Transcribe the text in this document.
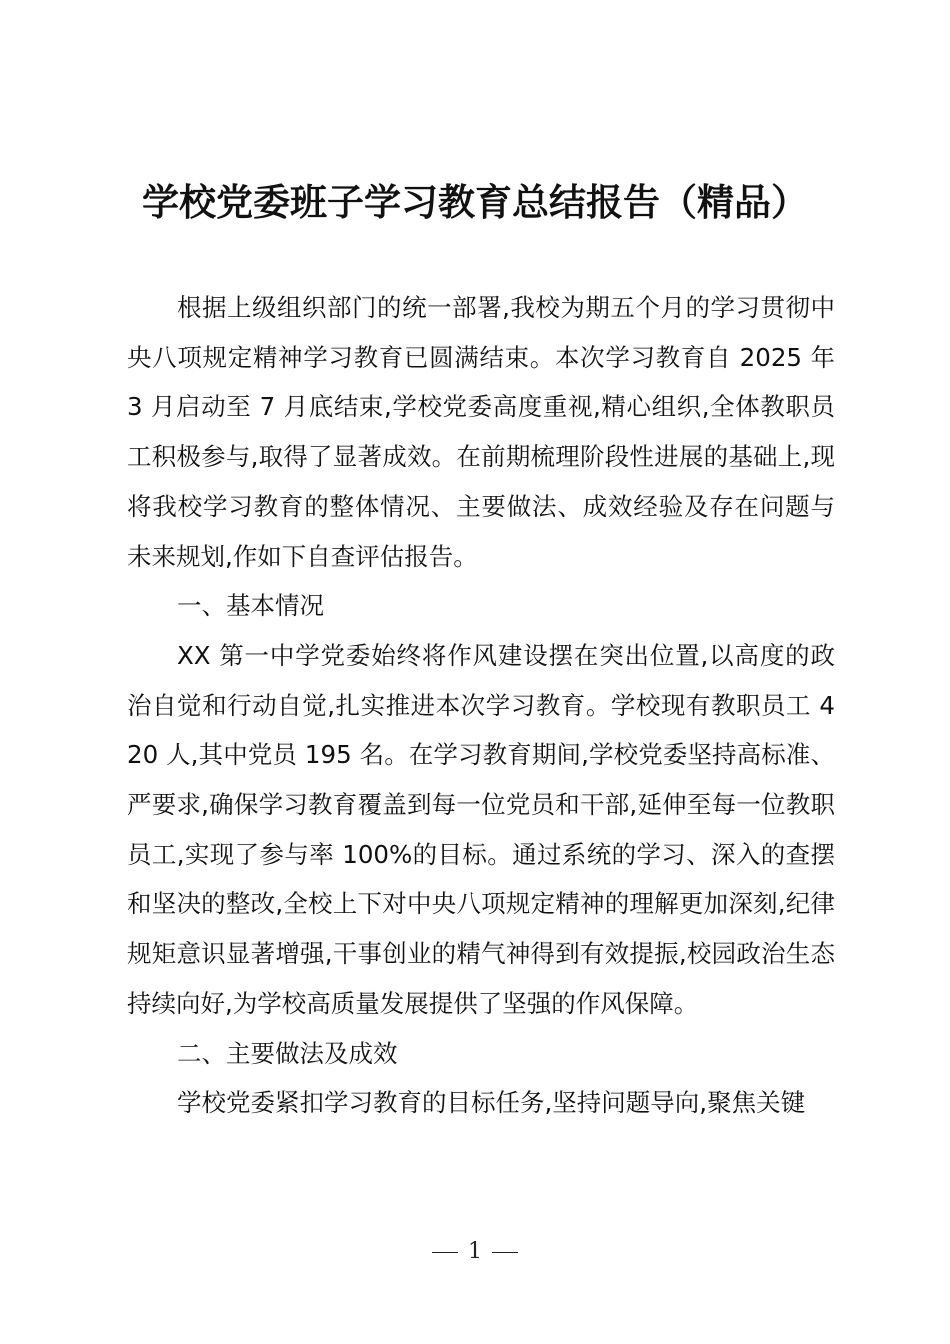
学校党委班子学习教育总结报告（精品）

根据上级组织部门的统一部署,我校为期五个月的学习贯彻中央八项规定精神学习教育已圆满结束。本次学习教育自 2025 年 3 月启动至 7 月底结束,学校党委高度重视,精心组织,全体教职员工积极参与,取得了显著成效。在前期梳理阶段性进展的基础上,现将我校学习教育的整体情况、主要做法、成效经验及存在问题与未来规划,作如下自查评估报告。

一、基本情况

XX 第一中学党委始终将作风建设摆在突出位置,以高度的政治自觉和行动自觉,扎实推进本次学习教育。学校现有教职员工 420 人,其中党员 195 名。在学习教育期间,学校党委坚持高标准、严要求,确保学习教育覆盖到每一位党员和干部,延伸至每一位教职员工,实现了参与率 100%的目标。通过系统的学习、深入的查摆和坚决的整改,全校上下对中央八项规定精神的理解更加深刻,纪律规矩意识显著增强,干事创业的精气神得到有效提振,校园政治生态持续向好,为学校高质量发展提供了坚强的作风保障。

二、主要做法及成效

学校党委紧扣学习教育的目标任务,坚持问题导向,聚焦关键

1
